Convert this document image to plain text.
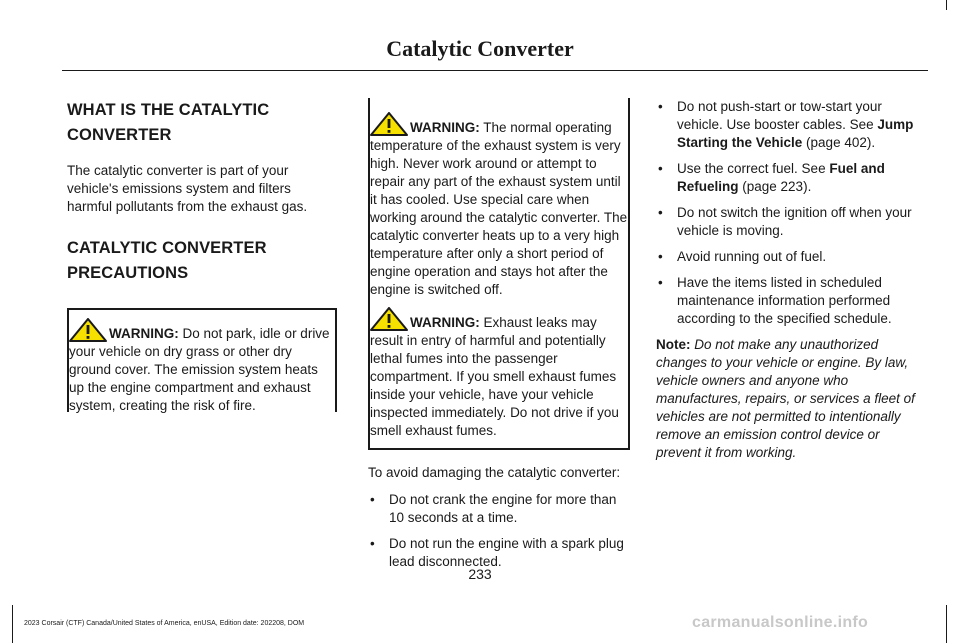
Catalytic Converter
WHAT IS THE CATALYTIC
CONVERTER

The catalytic converter is part of your vehicle's emissions system and filters harmful pollutants from the exhaust gas.

CATALYTIC CONVERTER
PRECAUTIONS
WARNING: Do not park, idle or drive your vehicle on dry grass or other dry ground cover. The emission system heats up the engine compartment and exhaust system, creating the risk of fire.
WARNING: The normal operating temperature of the exhaust system is very high. Never work around or attempt to repair any part of the exhaust system until it has cooled. Use special care when working around the catalytic converter. The catalytic converter heats up to a very high temperature after only a short period of engine operation and stays hot after the engine is switched off.
WARNING: Exhaust leaks may result in entry of harmful and potentially lethal fumes into the passenger compartment. If you smell exhaust fumes inside your vehicle, have your vehicle inspected immediately. Do not drive if you smell exhaust fumes.

To avoid damaging the catalytic converter:

• Do not crank the engine for more than 10 seconds at a time.
• Do not run the engine with a spark plug lead disconnected.
• Do not push-start or tow-start your vehicle. Use booster cables. See Jump Starting the Vehicle (page 402).
• Use the correct fuel. See Fuel and Refueling (page 223).
• Do not switch the ignition off when your vehicle is moving.
• Avoid running out of fuel.
• Have the items listed in scheduled maintenance information performed according to the specified schedule.
Note: Do not make any unauthorized changes to your vehicle or engine. By law, vehicle owners and anyone who manufactures, repairs, or services a fleet of vehicles are not permitted to intentionally remove an emission control device or prevent it from working.
233
2023 Corsair (CTF) Canada/United States of America, enUSA, Edition date: 202208, DOM	carmanualsonline.info
